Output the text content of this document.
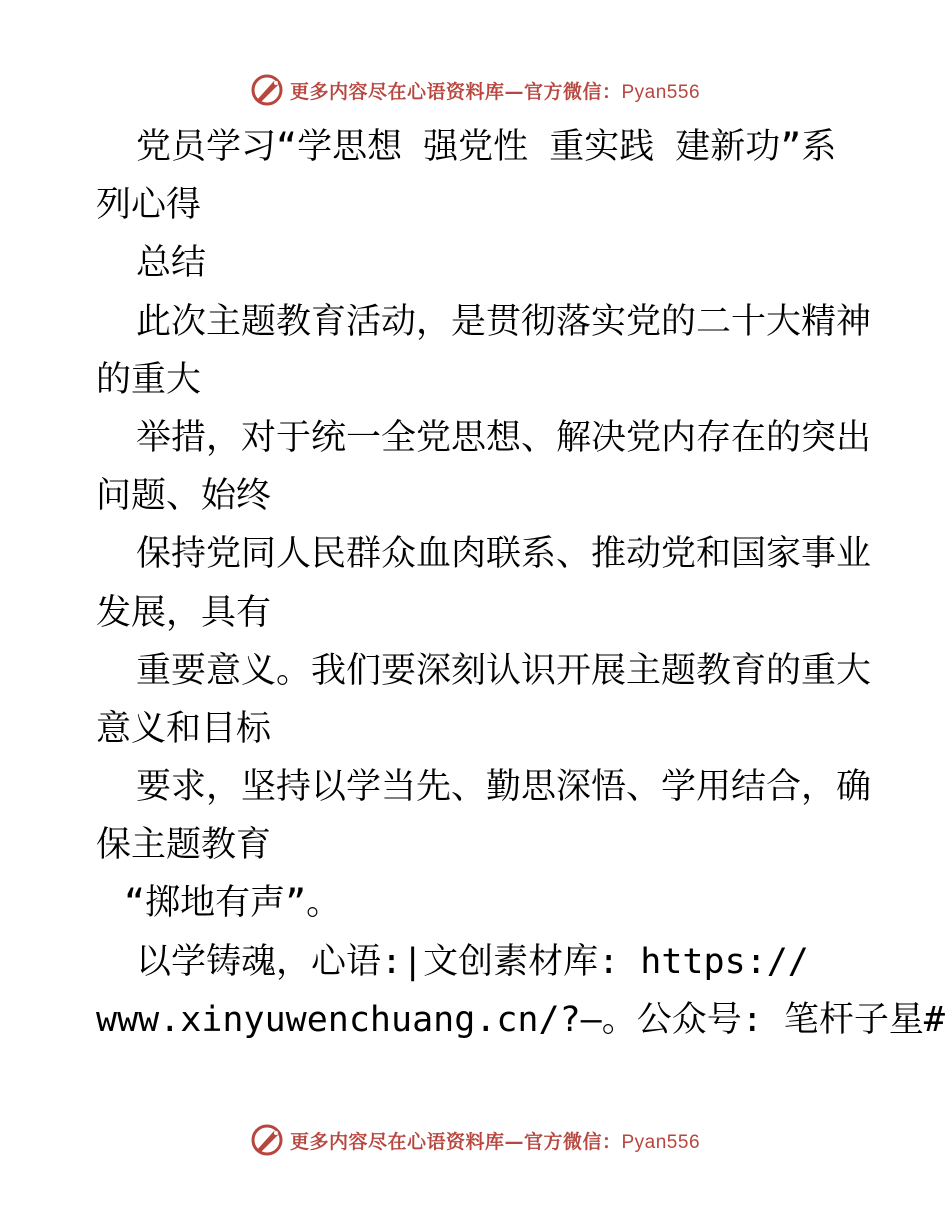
更多内容尽在心语资料库—官方微信：Pyan556
党员学习“学思想 强党性 重实践 建新功”系
列心得
总结
此次主题教育活动，是贯彻落实党的二十大精神
的重大
举措，对于统一全党思想、解决党内存在的突出
问题、始终
保持党同人民群众血肉联系、推动党和国家事业
发展，具有
重要意义。我们要深刻认识开展主题教育的重大
意义和目标
要求，坚持以学当先、勤思深悟、学用结合，确
保主题教育
“掷地有声”。
以学铸魂，心语:|文创素材库: https://
www.xinyuwenchuang.cn/?—。公众号: 笔杆子星#
更多内容尽在心语资料库—官方微信：Pyan556
